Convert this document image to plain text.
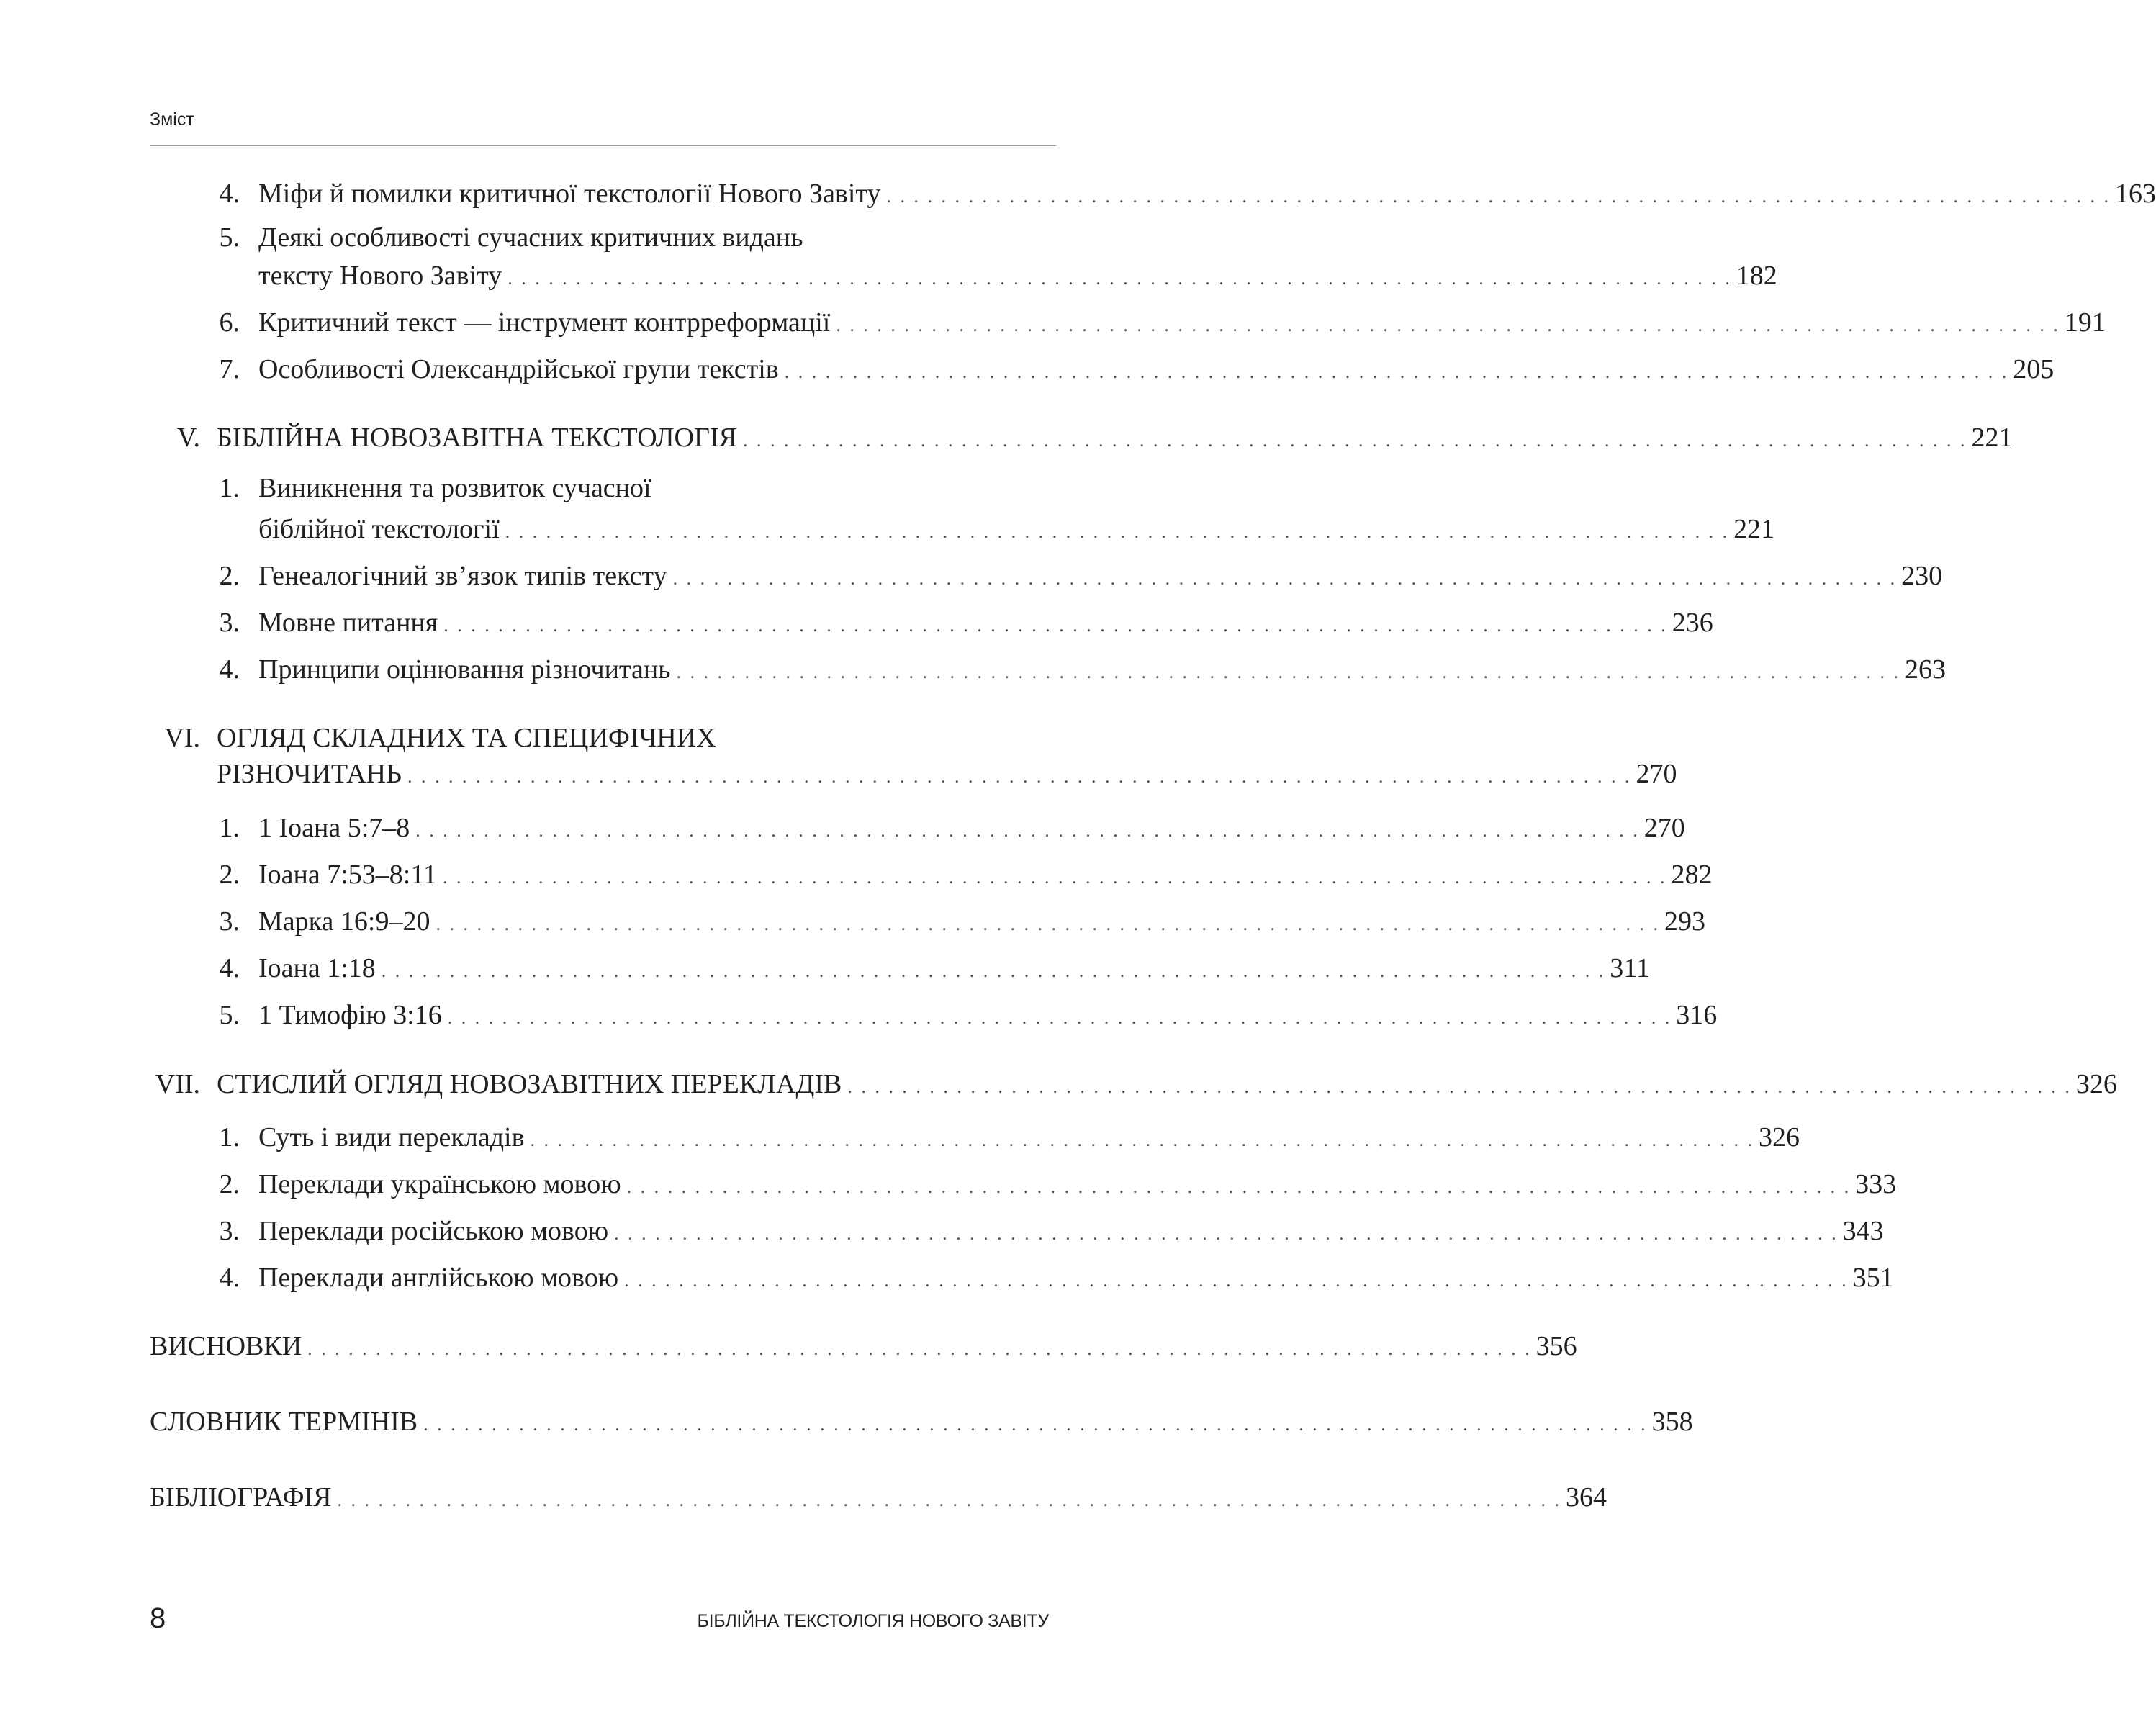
Зміст
4. Міфи й помилки критичної текстології Нового Завіту . . . . . . . . . . . . . . . . . . . . . . . . . . . . . . . . . . . . . . . . . . . . . . . . . . . . . . . . . . . . . . . . . . . . . . . . . . . . . . . . . . . . . . . . . . 163
5. Деякі особливості сучасних критичних видань
тексту Нового Завіту . . . . . . . . . . . . . . . . . . . . . . . . . . . . . . . . . . . . . . . . . . . . . . . . . . . . . . . . . . . . . . . . . . . . . . . . . . . . . . . . . . . . . . . . . . 182
6. Критичний текст — інструмент контрреформації . . . . . . . . . . . . . . . . . . . . . . . . . . . . . . . . . . . . . . . . . . . . . . . . . . . . . . . . . . . . . . . . . . . . . . . . . . . . . . . . . . . . . . . . . . 191
7. Особливості Олександрійської групи текстів . . . . . . . . . . . . . . . . . . . . . . . . . . . . . . . . . . . . . . . . . . . . . . . . . . . . . . . . . . . . . . . . . . . . . . . . . . . . . . . . . . . . . . . . . . 205
V. БІБЛІЙНА НОВОЗАВІТНА ТЕКСТОЛОГІЯ . . . . . . . . . . . . . . . . . . . . . . . . . . . . . . . . . . . . . . . . . . . . . . . . . . . . . . . . . . . . . . . . . . . . . . . . . . . . . . . . . . . . . . . . . . 221
1. Виникнення та розвиток сучасної
біблійної текстології . . . . . . . . . . . . . . . . . . . . . . . . . . . . . . . . . . . . . . . . . . . . . . . . . . . . . . . . . . . . . . . . . . . . . . . . . . . . . . . . . . . . . . . . . . 221
2. Генеалогічний зв’язок типів тексту . . . . . . . . . . . . . . . . . . . . . . . . . . . . . . . . . . . . . . . . . . . . . . . . . . . . . . . . . . . . . . . . . . . . . . . . . . . . . . . . . . . . . . . . . . 230
3. Мовне питання . . . . . . . . . . . . . . . . . . . . . . . . . . . . . . . . . . . . . . . . . . . . . . . . . . . . . . . . . . . . . . . . . . . . . . . . . . . . . . . . . . . . . . . . . . 236
4. Принципи оцінювання різночитань . . . . . . . . . . . . . . . . . . . . . . . . . . . . . . . . . . . . . . . . . . . . . . . . . . . . . . . . . . . . . . . . . . . . . . . . . . . . . . . . . . . . . . . . . . 263
VI. ОГЛЯД СКЛАДНИХ ТА СПЕЦИФІЧНИХ
РІЗНОЧИТАНЬ . . . . . . . . . . . . . . . . . . . . . . . . . . . . . . . . . . . . . . . . . . . . . . . . . . . . . . . . . . . . . . . . . . . . . . . . . . . . . . . . . . . . . . . . . . 270
1. 1 Іоана 5:7–8 . . . . . . . . . . . . . . . . . . . . . . . . . . . . . . . . . . . . . . . . . . . . . . . . . . . . . . . . . . . . . . . . . . . . . . . . . . . . . . . . . . . . . . . . . . 270
2. Іоана 7:53–8:11 . . . . . . . . . . . . . . . . . . . . . . . . . . . . . . . . . . . . . . . . . . . . . . . . . . . . . . . . . . . . . . . . . . . . . . . . . . . . . . . . . . . . . . . . . . 282
3. Марка 16:9–20 . . . . . . . . . . . . . . . . . . . . . . . . . . . . . . . . . . . . . . . . . . . . . . . . . . . . . . . . . . . . . . . . . . . . . . . . . . . . . . . . . . . . . . . . . . 293
4. Іоана 1:18 . . . . . . . . . . . . . . . . . . . . . . . . . . . . . . . . . . . . . . . . . . . . . . . . . . . . . . . . . . . . . . . . . . . . . . . . . . . . . . . . . . . . . . . . . . 311
5. 1 Тимофію 3:16 . . . . . . . . . . . . . . . . . . . . . . . . . . . . . . . . . . . . . . . . . . . . . . . . . . . . . . . . . . . . . . . . . . . . . . . . . . . . . . . . . . . . . . . . . . 316
VII. СТИСЛИЙ ОГЛЯД НОВОЗАВІТНИХ ПЕРЕКЛАДІВ . . . . . . . . . . . . . . . . . . . . . . . . . . . . . . . . . . . . . . . . . . . . . . . . . . . . . . . . . . . . . . . . . . . . . . . . . . . . . . . . . . . . . . . . . . 326
1. Суть і види перекладів . . . . . . . . . . . . . . . . . . . . . . . . . . . . . . . . . . . . . . . . . . . . . . . . . . . . . . . . . . . . . . . . . . . . . . . . . . . . . . . . . . . . . . . . . . 326
2. Переклади українською мовою . . . . . . . . . . . . . . . . . . . . . . . . . . . . . . . . . . . . . . . . . . . . . . . . . . . . . . . . . . . . . . . . . . . . . . . . . . . . . . . . . . . . . . . . . . 333
3. Переклади російською мовою . . . . . . . . . . . . . . . . . . . . . . . . . . . . . . . . . . . . . . . . . . . . . . . . . . . . . . . . . . . . . . . . . . . . . . . . . . . . . . . . . . . . . . . . . . 343
4. Переклади англійською мовою . . . . . . . . . . . . . . . . . . . . . . . . . . . . . . . . . . . . . . . . . . . . . . . . . . . . . . . . . . . . . . . . . . . . . . . . . . . . . . . . . . . . . . . . . . 351
ВИСНОВКИ . . . . . . . . . . . . . . . . . . . . . . . . . . . . . . . . . . . . . . . . . . . . . . . . . . . . . . . . . . . . . . . . . . . . . . . . . . . . . . . . . . . . . . . . . . 356
СЛОВНИК ТЕРМІНІВ . . . . . . . . . . . . . . . . . . . . . . . . . . . . . . . . . . . . . . . . . . . . . . . . . . . . . . . . . . . . . . . . . . . . . . . . . . . . . . . . . . . . . . . . . . 358
БІБЛІОГРАФІЯ . . . . . . . . . . . . . . . . . . . . . . . . . . . . . . . . . . . . . . . . . . . . . . . . . . . . . . . . . . . . . . . . . . . . . . . . . . . . . . . . . . . . . . . . . . 364
8	БІБЛІЙНА ТЕКСТОЛОГІЯ НОВОГО ЗАВІТУ
